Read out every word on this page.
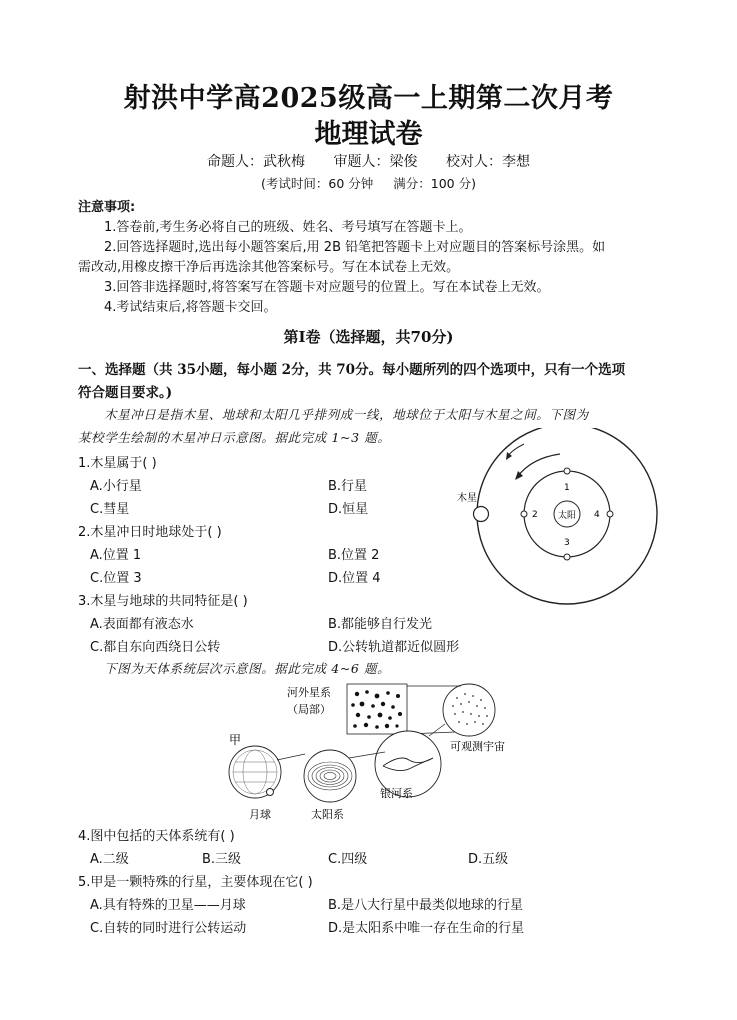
射洪中学高2025级高一上期第二次月考
地理试卷
命题人：武秋梅 审题人：梁俊 校对人：李想
(考试时间：60 分钟 满分：100 分)
注意事项:
1.答卷前,考生务必将自己的班级、姓名、考号填写在答题卡上。
2.回答选择题时,选出每小题答案后,用 2B 铅笔把答题卡上对应题目的答案标号涂黑。如
需改动,用橡皮擦干净后再选涂其他答案标号。写在本试卷上无效。
3.回答非选择题时,将答案写在答题卡对应题号的位置上。写在本试卷上无效。
4.考试结束后,将答题卡交回。
第Ⅰ卷（选择题，共70分)
一、选择题（共 35小题，每小题 2分，共 70分。每小题所列的四个选项中，只有一个选项
符合题目要求。)
木星冲日是指木星、地球和太阳几乎排列成一线，地球位于太阳与木星之间。下图为
某校学生绘制的木星冲日示意图。据此完成 1~3 题。
1.木星属于( )
A.小行星	B.行星
C.彗星	D.恒星
2.木星冲日时地球处于( )
A.位置 1	B.位置 2
C.位置 3	D.位置 4
3.木星与地球的共同特征是( )
A.表面都有液态水	B.都能够自行发光
C.都自东向西绕日公转	D.公转轨道都近似圆形
下图为天体系统层次示意图。据此完成 4~6 题。
太阳
木星
1
2
3
4
河外星系
（局部）
可观测宇宙
银河系
太阳系
甲
月球
4.图中包括的天体系统有( )
A.二级	B.三级	C.四级	D.五级
5.甲是一颗特殊的行星，主要体现在它( )
A.具有特殊的卫星——月球	B.是八大行星中最类似地球的行星
C.自转的同时进行公转运动	D.是太阳系中唯一存在生命的行星
